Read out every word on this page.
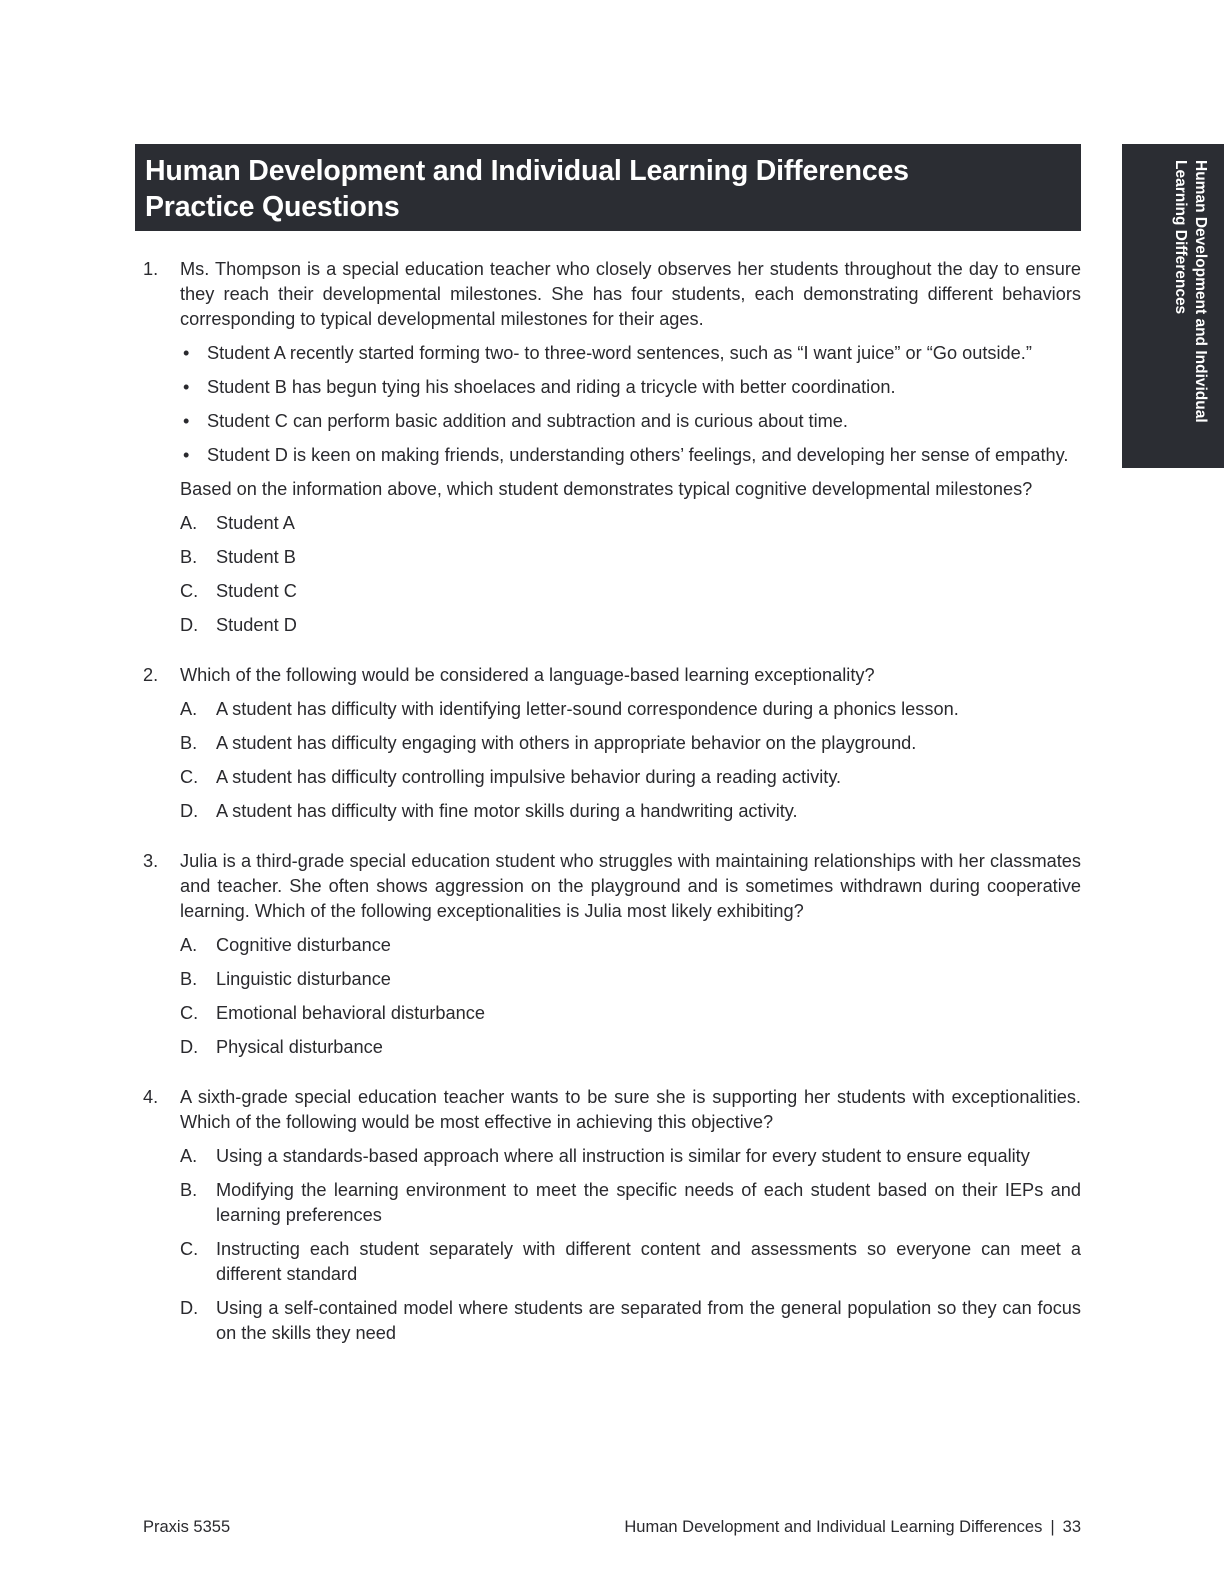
Human Development and Individual Learning Differences
Practice Questions	Human Development and Individual
Learning Differences
1. Ms. Thompson is a special education teacher who closely observes her students throughout the day to ensure they reach their developmental milestones. She has four students, each demonstrating different behaviors corresponding to typical developmental milestones for their ages.

• Student A recently started forming two- to three-word sentences, such as “I want juice” or “Go outside.”
• Student B has begun tying his shoelaces and riding a tricycle with better coordination.
• Student C can perform basic addition and subtraction and is curious about time.
• Student D is keen on making friends, understanding others’ feelings, and developing her sense of empathy.

Based on the information above, which student demonstrates typical cognitive developmental milestones?

A. Student A
B. Student B
C. Student C
D. Student D
2. Which of the following would be considered a language-based learning exceptionality?

A. A student has difficulty with identifying letter-sound correspondence during a phonics lesson.
B. A student has difficulty engaging with others in appropriate behavior on the playground.
C. A student has difficulty controlling impulsive behavior during a reading activity.
D. A student has difficulty with fine motor skills during a handwriting activity.
3. Julia is a third-grade special education student who struggles with maintaining relationships with her classmates and teacher. She often shows aggression on the playground and is sometimes withdrawn during cooperative learning. Which of the following exceptionalities is Julia most likely exhibiting?

A. Cognitive disturbance
B. Linguistic disturbance
C. Emotional behavioral disturbance
D. Physical disturbance
4. A sixth-grade special education teacher wants to be sure she is supporting her students with exceptionalities. Which of the following would be most effective in achieving this objective?

A. Using a standards-based approach where all instruction is similar for every student to ensure equality
B. Modifying the learning environment to meet the specific needs of each student based on their IEPs and learning preferences
C. Instructing each student separately with different content and assessments so everyone can meet a different standard
D. Using a self-contained model where students are separated from the general population so they can focus on the skills they need
Praxis 5355	Human Development and Individual Learning Differences | 33
